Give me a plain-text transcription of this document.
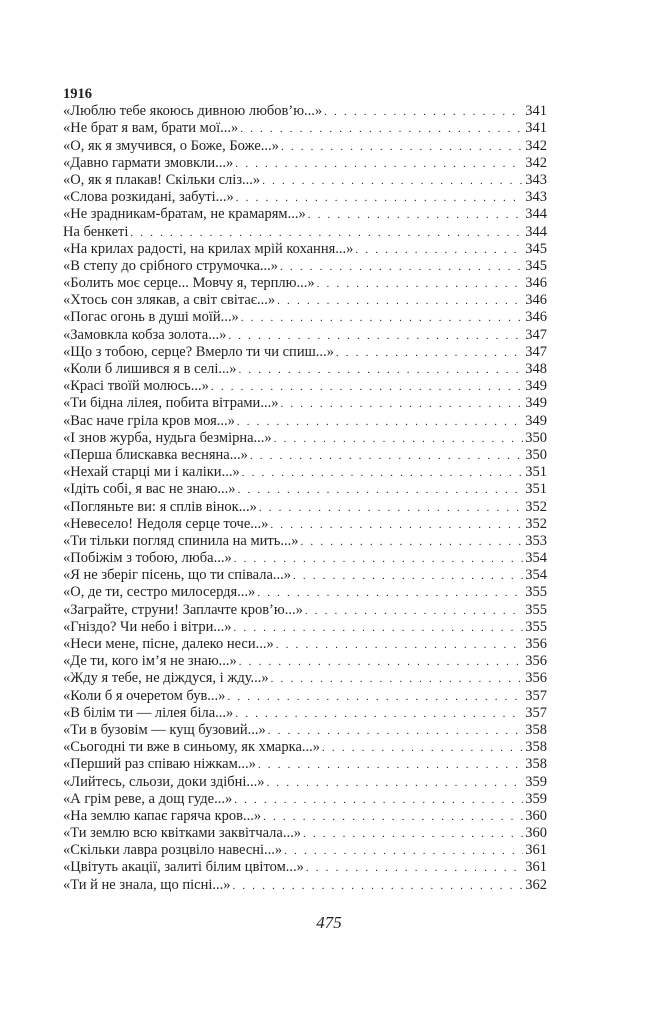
1916
«Люблю тебе якоюсь дивною любов’ю...» . . .	341
«Не брат я вам, брати мої...» . . .	341
«О, як я змучився, о Боже, Боже...» . . .	342
«Давно гармати змовкли...» . . .	342
«О, як я плакав! Скільки сліз...» . . .	343
«Слова розкидані, забуті...» . . .	343
«Не зрадникам-братам, не крамарям...» . . .	344
На бенкеті . . .	344
«На крилах радості, на крилах мрій кохання...» . . .	345
«В степу до срібного струмочка...» . . .	345
«Болить моє серце... Мовчу я, терплю...» . . .	346
«Хтось сон злякав, а світ світає...» . . .	346
«Погас огонь в душі моїй...» . . .	346
«Замовкла кобза золота...» . . .	347
«Що з тобою, серце? Вмерло ти чи спиш...» . . .	347
«Коли б лишився я в селі...» . . .	348
«Красі твоїй молюсь...» . . .	349
«Ти бідна лілея, побита вітрами...» . . .	349
«Вас наче гріла кров моя...» . . .	349
«І знов журба, нудьга безмірна...» . . .	350
«Перша блискавка весняна...» . . .	350
«Нехай старці ми і каліки...» . . .	351
«Ідіть собі, я вас не знаю...» . . .	351
«Погляньте ви: я сплів вінок...» . . .	352
«Невесело! Недоля серце точе...» . . .	352
«Ти тільки погляд спинила на мить...» . . .	353
«Побіжім з тобою, люба...» . . .	354
«Я не зберіг пісень, що ти співала...» . . .	354
«О, де ти, сестро милосердя...» . . .	355
«Заграйте, струни! Заплачте кров’ю...» . . .	355
«Гніздо? Чи небо і вітри...» . . .	355
«Неси мене, пісне, далеко неси...» . . .	356
«Де ти, кого ім’я не знаю...» . . .	356
«Жду я тебе, не діждуся, і жду...» . . .	356
«Коли б я очеретом був...» . . .	357
«В білім ти — лілея біла...» . . .	357
«Ти в бузовім — кущ бузовий...» . . .	358
«Сьогодні ти вже в синьому, як хмарка...» . . .	358
«Перший раз співаю ніжкам...» . . .	358
«Лийтесь, сльози, доки здібні...» . . .	359
«А грім реве, а дощ гуде...» . . .	359
«На землю капає гаряча кров...» . . .	360
«Ти землю всю квітками заквітчала...» . . .	360
«Скільки лавра розцвіло навесні...» . . .	361
«Цвітуть акації, залиті білим цвітом...» . . .	361
«Ти й не знала, що пісні...» . . .	362
475
